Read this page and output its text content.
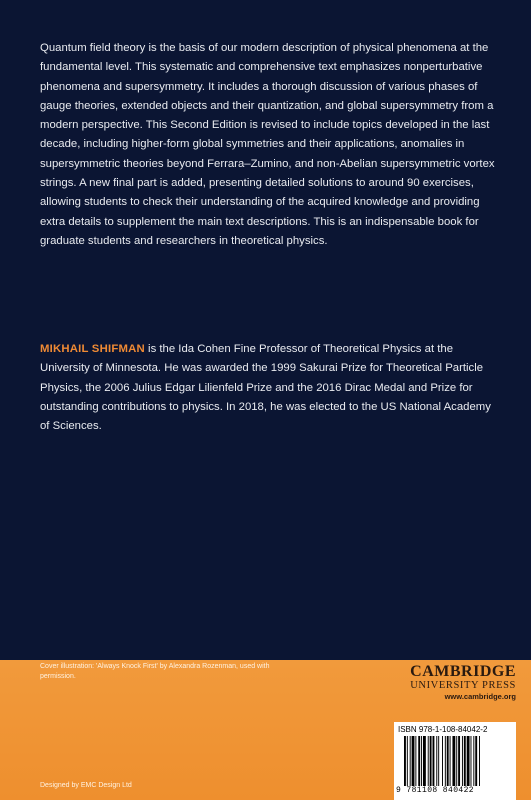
Quantum field theory is the basis of our modern description of physical phenomena at the fundamental level. This systematic and comprehensive text emphasizes nonperturbative phenomena and supersymmetry. It includes a thorough discussion of various phases of gauge theories, extended objects and their quantization, and global supersymmetry from a modern perspective. This Second Edition is revised to include topics developed in the last decade, including higher-form global symmetries and their applications, anomalies in supersymmetric theories beyond Ferrara–Zumino, and non-Abelian supersymmetric vortex strings. A new final part is added, presenting detailed solutions to around 90 exercises, allowing students to check their understanding of the acquired knowledge and providing extra details to supplement the main text descriptions. This is an indispensable book for graduate students and researchers in theoretical physics.

MIKHAIL SHIFMAN is the Ida Cohen Fine Professor of Theoretical Physics at the University of Minnesota. He was awarded the 1999 Sakurai Prize for Theoretical Particle Physics, the 2006 Julius Edgar Lilienfeld Prize and the 2016 Dirac Medal and Prize for outstanding contributions to physics. In 2018, he was elected to the US National Academy of Sciences.

Cover illustration: 'Always Knock First' by Alexandra Rozenman, used with permission.

Designed by EMC Design Ltd
CAMBRIDGE
UNIVERSITY PRESS
www.cambridge.org
ISBN 978-1-108-84042-2
9 781108 840422
